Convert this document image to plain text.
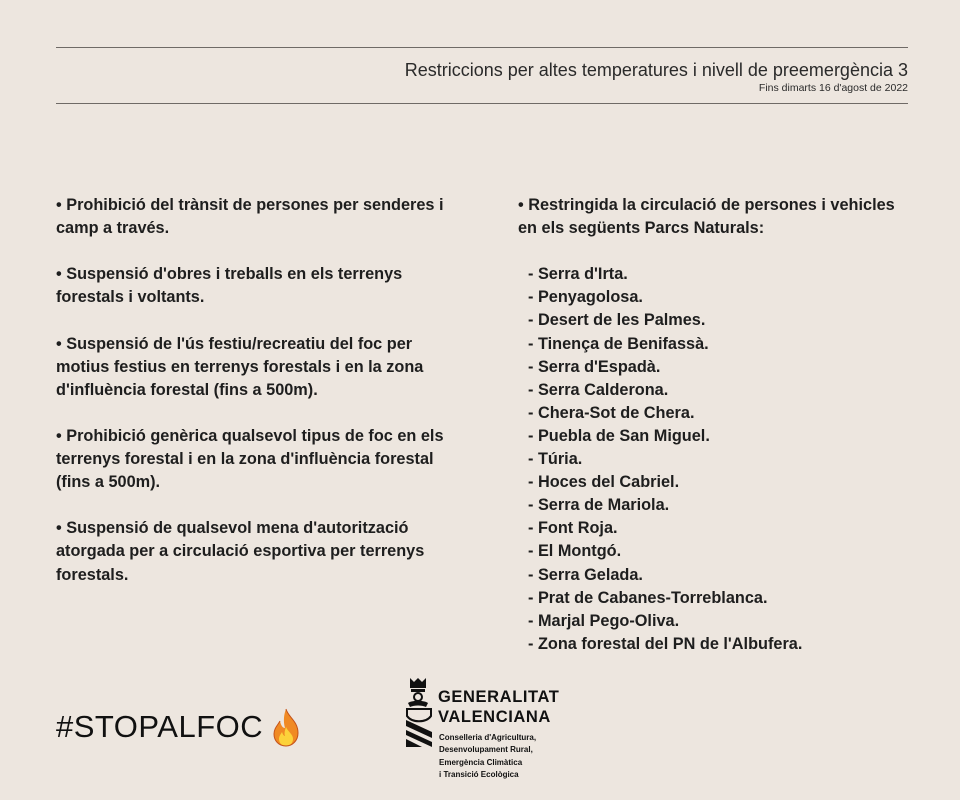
Restriccions per altes temperatures i nivell de preemergència 3
Fins dimarts 16 d'agost de 2022

• Prohibició del trànsit de persones per senderes i camp a través.

• Suspensió d'obres i treballs en els terrenys forestals i voltants.

• Suspensió de l'ús festiu/recreatiu del foc per motius festius en terrenys forestals i en la zona d'influència forestal (fins a 500m).

• Prohibició genèrica qualsevol tipus de foc en els terrenys forestal i en la zona d'influència forestal (fins a 500m).

• Suspensió de qualsevol mena d'autorització atorgada per a circulació esportiva per terrenys forestals.

• Restringida la circulació de persones i vehicles en els següents Parcs Naturals:
- Serra d'Irta.
- Penyagolosa.
- Desert de les Palmes.
- Tinença de Benifassà.
- Serra d'Espadà.
- Serra Calderona.
- Chera-Sot de Chera.
- Puebla de San Miguel.
- Túria.
- Hoces del Cabriel.
- Serra de Mariola.
- Font Roja.
- El Montgó.
- Serra Gelada.
- Prat de Cabanes-Torreblanca.
- Marjal Pego-Oliva.
- Zona forestal del PN de l'Albufera.
#STOPALFOC
GENERALITAT
VALENCIANA
Conselleria d'Agricultura,
Desenvolupament Rural,
Emergència Climàtica
i Transició Ecològica
